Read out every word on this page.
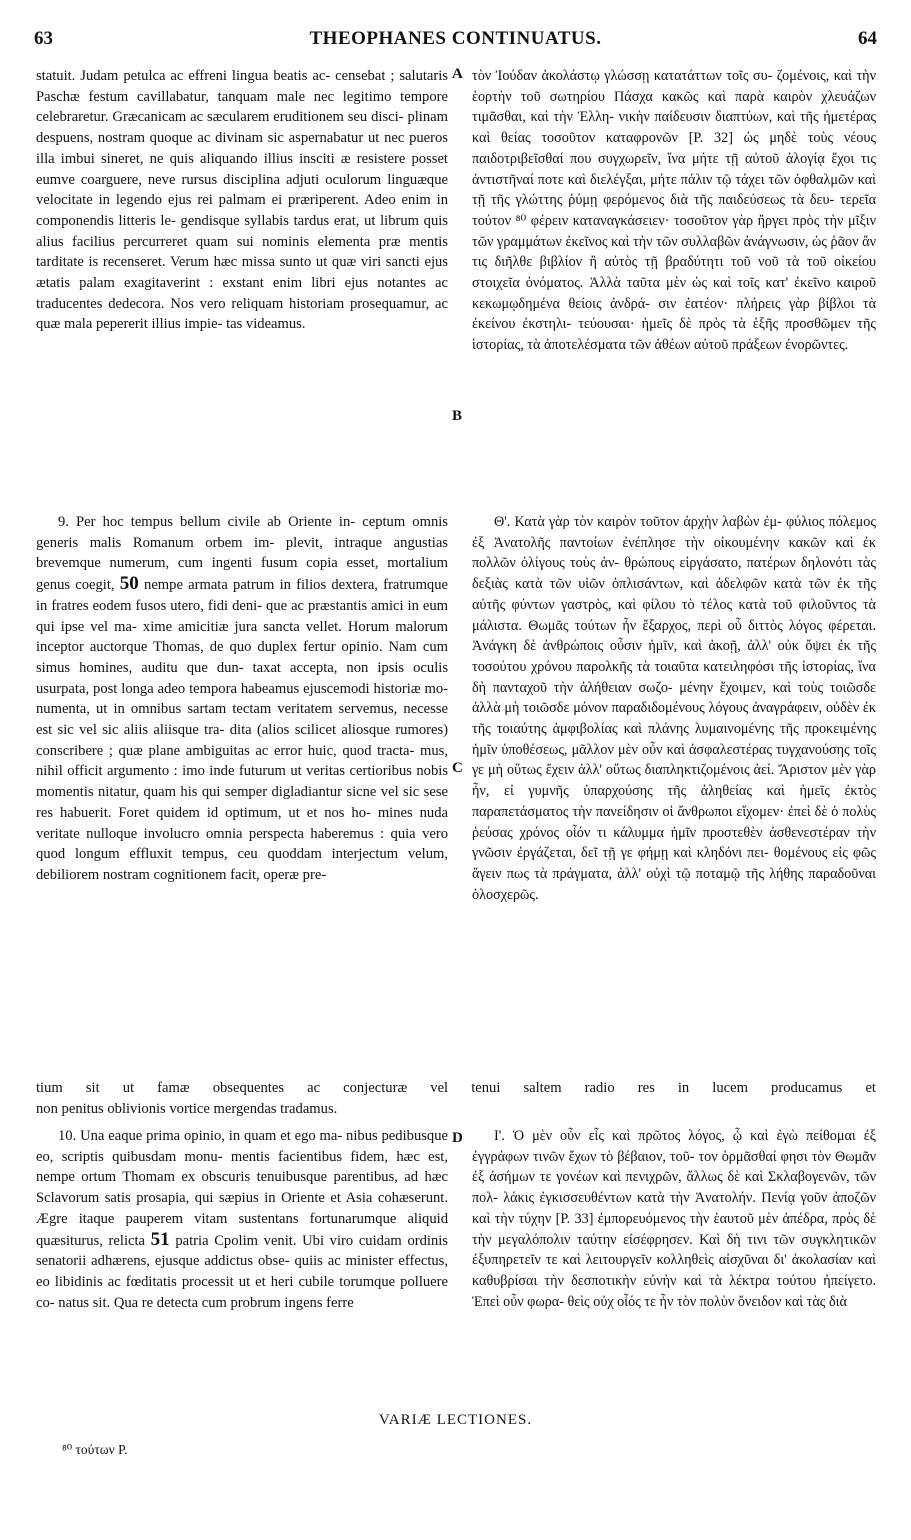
63	THEOPHANES CONTINUATUS.	64

statuit. Judam petulca ac effreni lingua beatis ac- censebat ; salutaris Paschæ festum cavillabatur, tanquam male nec legitimo tempore celebraretur. Græcanicam ac sæcularem eruditionem seu disci- plinam despuens, nostram quoque ac divinam sic aspernabatur ut nec pueros illa imbui sineret, ne quis aliquando illius insciti æ resistere posset eumve coarguere, neve rursus disciplina adjuti oculorum linguæque velocitate in legendo ejus rei palmam ei præriperent. Adeo enim in componendis litteris le- gendisque syllabis tardus erat, ut librum quis alius facilius percurreret quam sui nominis elementa præ mentis tarditate is recenseret. Verum hæc missa sunto ut quæ viri sancti ejus ætatis palam exagitaverint : exstant enim libri ejus notantes ac traducentes dedecora. Nos vero reliquam historiam prosequamur, ac quæ mala pepererit illius impie- tas videamus.

9. Per hoc tempus bellum civile ab Oriente in- ceptum omnis generis malis Romanum orbem im- plevit, intraque angustias brevemque numerum, cum ingenti fusum copia esset, mortalium genus coegit, 50 nempe armata patrum in filios dextera, fratrumque in fratres eodem fusos utero, fidi deni- que ac præstantis amici in eum qui ipse vel ma- xime amicitiæ jura sancta vellet. Horum malorum inceptor auctorque Thomas, de quo duplex fertur opinio. Nam cum simus homines, auditu que dun- taxat accepta, non ipsis oculis usurpata, post longa adeo tempora habeamus ejuscemodi historiæ mo- numenta, ut in omnibus sartam tectam veritatem servemus, necesse est sic vel sic aliis aliisque tra- dita (alios scilicet aliosque rumores) conscribere ; quæ plane ambiguitas ac error huic, quod tracta- mus, nihil officit argumento : imo inde futurum ut veritas certioribus nobis momentis nitatur, quam his qui semper digladiantur sicne vel sic sese res habuerit. Foret quidem id optimum, ut et nos ho- mines nuda veritate nulloque involucro omnia perspecta haberemus : quia vero quod longum effluxit tempus, ceu quoddam interjectum velum, debiliorem nostram cognitionem facit, operæ pre-

tium sit ut famæ obsequentes ac conjecturæ vel tenui saltem radio res in lucem producamus et
non penitus oblivionis vortice mergendas tradamus.

10. Una eaque prima opinio, in quam et ego ma- nibus pedibusque eo, scriptis quibusdam monu- mentis facientibus fidem, hæc est, nempe ortum Thomam ex obscuris tenuibusque parentibus, ad hæc Sclavorum satis prosapia, qui sæpius in Oriente et Asia cohæserunt. Ægre itaque pauperem vitam sustentans fortunarumque aliquid quæsiturus, relicta 51 patria Cpolim venit. Ubi viro cuidam ordinis senatorii adhærens, ejusque addictus obse- quiis ac minister effectus, eo libidinis ac fœditatis processit ut et heri cubile torumque polluere co- natus sit. Qua re detecta cum probrum ingens ferre

A
B
C
D

τὸν Ἰούδαν ἀκολάστῳ γλώσσῃ κατατάττων τοῖς συ- ζομένοις, καὶ τὴν ἑορτὴν τοῦ σωτηρίου Πάσχα κακῶς καὶ παρὰ καιρὸν χλευάζων τιμᾶσθαι, καὶ τὴν Ἑλλη- νικὴν παίδευσιν διαπτύων, καὶ τῆς ἡμετέρας καὶ θείας τοσοῦτον καταφρονῶν [P. 32] ὡς μηδὲ τοὺς νέους παιδοτριβεῖσθαί που συγχωρεῖν, ἵνα μήτε τῇ αὐτοῦ ἀλογίᾳ ἔχοι τις ἀντιστῆναί ποτε καὶ διελέγξαι, μήτε πάλιν τῷ τάχει τῶν ὀφθαλμῶν καὶ τῇ τῆς γλώττης ῥύμῃ φερόμενος διὰ τῆς παιδεύσεως τὰ δευ- τερεῖα τούτον ⁸⁰ φέρειν καταναγκάσειεν· τοσοῦτον γὰρ ἤργει πρὸς τὴν μῖξιν τῶν γραμμάτων ἐκεῖνος καὶ τὴν τῶν συλλαβῶν ἀνάγνωσιν, ὡς ῥᾶον ἄν τις διῆλθε βιβλίον ἢ αὐτὸς τῇ βραδύτητι τοῦ νοῦ τὰ τοῦ οἰκείου στοιχεῖα ὀνόματος. Ἀλλὰ ταῦτα μὲν ὡς καὶ τοῖς κατ' ἐκεῖνο καιροῦ κεκωμῳδημένα θείοις ἀνδρά- σιν ἐατέον· πλήρεις γὰρ βίβλοι τὰ ἐκείνου ἐκστηλι- τεύουσαι· ἡμεῖς δὲ πρὸς τὰ ἑξῆς προσθῶμεν τῆς ἱστορίας, τὰ ἀποτελέσματα τῶν ἀθέων αὐτοῦ πράξεων ἐνορῶντες.

Θ'. Κατὰ γὰρ τὸν καιρὸν τοῦτον ἀρχὴν λαβὼν ἐμ- φύλιος πόλεμος ἐξ Ἀνατολῆς παντοίων ἐνέπλησε τὴν οἰκουμένην κακῶν καὶ ἐκ πολλῶν ὀλίγους τοὺς ἀν- θρώπους εἰργάσατο, πατέρων δηλονότι τὰς δεξιὰς κατὰ τῶν υἱῶν ὁπλισάντων, καὶ ἀδελφῶν κατὰ τῶν ἐκ τῆς αὐτῆς φύντων γαστρὸς, καὶ φίλου τὸ τέλος κατὰ τοῦ φιλοῦντος τὰ μάλιστα. Θωμᾶς τούτων ἦν ἔξαρχος, περὶ οὗ διττὸς λόγος φέρεται. Ἀνάγκη δὲ ἀνθρώποις οὖσιν ἡμῖν, καὶ ἀκοῇ, ἀλλ' οὐκ ὄψει ἐκ τῆς τοσούτου χρόνου παρολκῆς τὰ τοιαῦτα κατειληφόσι τῆς ἱστορίας, ἵνα δὴ πανταχοῦ τὴν ἀλήθειαν σωζο- μένην ἔχοιμεν, καὶ τοὺς τοιῶσδε ἀλλὰ μὴ τοιῶσδε μόνον παραδιδομένους λόγους ἀναγράφειν, οὐδὲν ἐκ τῆς τοιαύτης ἀμφιβολίας καὶ πλάνης λυμαινομένης τῆς προκειμένης ἡμῖν ὑποθέσεως, μᾶλλον μὲν οὖν καὶ ἀσφαλεστέρας τυγχανούσης τοῖς γε μὴ οὕτως ἔχειν ἀλλ' οὕτως διαπληκτιζομένοις ἀεί. Ἄριστον μὲν γὰρ ἦν, εἰ γυμνῆς ὑπαρχούσης τῆς ἀληθείας καὶ ἡμεῖς ἐκτὸς παραπετάσματος τὴν πανείδησιν οἱ ἄνθρωποι εἴχομεν· ἐπεὶ δὲ ὁ πολὺς ῥεύσας χρόνος οἷόν τι κάλυμμα ἡμῖν προστεθὲν ἀσθενεστέραν τὴν γνῶσιν ἐργάζεται, δεῖ τῇ γε φήμῃ καὶ κληδόνι πει- θομένους εἰς φῶς ἄγειν πως τὰ πράγματα, ἀλλ' οὐχὶ τῷ ποταμῷ τῆς λήθης παραδοῦναι ὁλοσχερῶς.

Ι'. Ὁ μὲν οὖν εἷς καὶ πρῶτος λόγος, ᾧ καὶ ἐγὼ πείθομαι ἐξ ἐγγράφων τινῶν ἔχων τὸ βέβαιον, τοῦ- τον ὁρμᾶσθαί φησι τὸν Θωμᾶν ἐξ ἀσήμων τε γονέων καὶ πενιχρῶν, ἄλλως δὲ καὶ Σκλαβογενῶν, τῶν πολ- λάκις ἐγκισσευθέντων κατὰ τὴν Ἀνατολήν. Πενίᾳ γοῦν ἀποζῶν καὶ τὴν τύχην [P. 33] ἐμπορευόμενος τὴν ἑαυτοῦ μὲν ἀπέδρα, πρὸς δὲ τὴν μεγαλόπολιν ταύτην εἰσέφρησεν. Καὶ δὴ τινι τῶν συγκλητικῶν ἐξυπηρετεῖν τε καὶ λειτουργεῖν κολληθεὶς αἰσχῦναι δι' ἀκολασίαν καὶ καθυβρίσαι τὴν δεσποτικὴν εὐνὴν καὶ τὰ λέκτρα τούτου ἠπείγετο. Ἐπεὶ οὖν φωρα- θεὶς οὐχ οἷός τε ἦν τὸν πολὺν ὄνειδον καὶ τὰς διὰ

VARIÆ LECTIONES.
⁸⁰ τούτων P.
